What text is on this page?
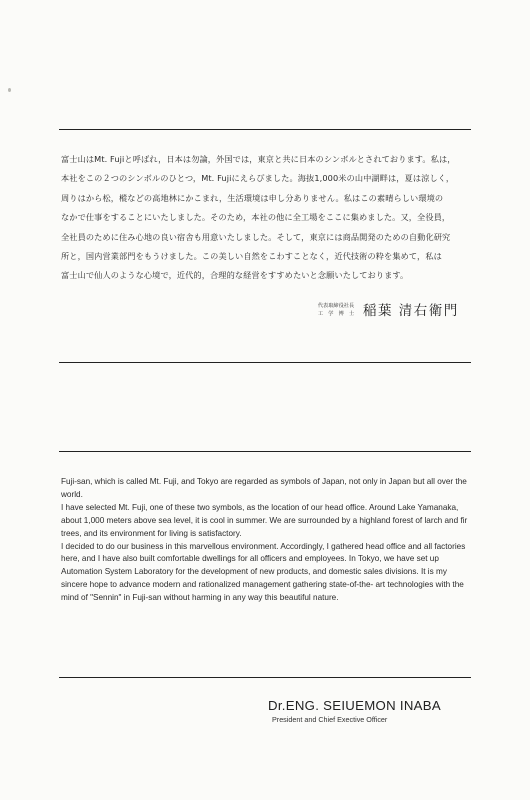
富士山はMt. Fujiと呼ばれ，日本は勿論，外国では，東京と共に日本のシンボルとされております。私は，

本社をこの２つのシンボルのひとつ，Mt. Fujiにえらびました。海抜1,000米の山中湖畔は，夏は涼しく，

周りはから松，樅などの高地林にかこまれ，生活環境は申し分ありません。私はこの素晴らしい環境の

なかで仕事をすることにいたしました。そのため，本社の他に全工場をここに集めました。又，全役員，

全社員のために住み心地の良い宿舎も用意いたしました。そして，東京には商品開発のための自動化研究

所と，国内営業部門をもうけました。この美しい自然をこわすことなく，近代技術の粋を集めて，私は

富士山で仙人のような心境で，近代的，合理的な経営をすすめたいと念願いたしております。

代表取締役社長
工　学　博　士 稲葉 清右衛門

Fuji-san, which is called Mt. Fuji, and Tokyo are regarded as symbols of Japan, not only in Japan but all over the world.

I have selected Mt. Fuji, one of these two symbols, as the location of our head office. Around Lake Yamanaka, about 1,000 meters above sea level, it is cool in summer. We are surrounded by a highland forest of larch and fir trees, and its environment for living is satisfactory.

I decided to do our business in this marvellous environment. Accordingly, I gathered head office and all factories here, and I have also built comfortable dwellings for all officers and employees. In Tokyo, we have set up Automation System Laboratory for the development of new products, and domestic sales divisions. It is my sincere hope to advance modern and rationalized management gathering state-of-the- art technologies with the mind of "Sennin" in Fuji-san without harming in any way this beautiful nature.

Dr.ENG. SEIUEMON INABA
President and Chief Exective Officer
